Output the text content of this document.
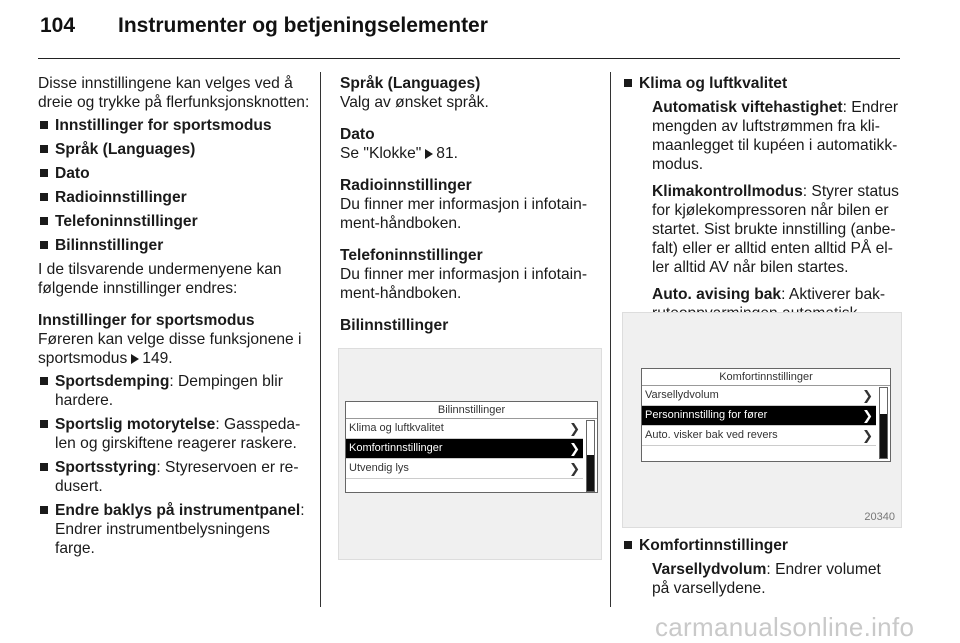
104 Instrumenter og betjeningselementer

Disse innstillingene kan velges ved å dreie og trykke på flerfunksjonsknotten:

Innstillinger for sportsmodus
Språk (Languages)
Dato
Radioinnstillinger
Telefoninnstillinger
Bilinnstillinger

I de tilsvarende undermenyene kan følgende innstillinger endres:

Innstillinger for sportsmodus

Føreren kan velge disse funksjonene i sportsmodus 149.

Sportsdemping: Dempingen blir hardere.
Sportslig motorytelse: Gasspedalen og girskiftene reagerer raskere.
Sportsstyring: Styreservoen er redusert.
Endre baklys på instrumentpanel: Endrer instrumentbelysningens farge.

Språk (Languages)

Valg av ønsket språk.

Dato

Se "Klokke" 81.

Radioinnstillinger

Du finner mer informasjon i infotainment-håndboken.

Telefoninnstillinger

Du finner mer informasjon i infotainment-håndboken.

Bilinnstillinger

Bilinnstillinger
Klima og luftkvalitet	❯
Komfortinnstillinger	❯
Utvendig lys	❯
Klima og luftkvalitet
Automatisk viftehastighet: Endrer mengden av luftstrømmen fra klimaanlegget til kupéen i automatikkmodus.
Klimakontrollmodus: Styrer status for kjølekompressoren når bilen er startet. Sist brukte innstilling (anbefalt) eller er alltid enten alltid PÅ eller alltid AV når bilen startes.
Auto. avising bak: Aktiverer bak
Komfortinnstillinger
Varsellydvolum	❯
Personinnstilling for fører	❯
Auto. visker bak ved revers	❯
20340
Komfortinnstillinger
Varsellydvolum: Endrer volumet på varsellydene.
carmanualsonline.info
